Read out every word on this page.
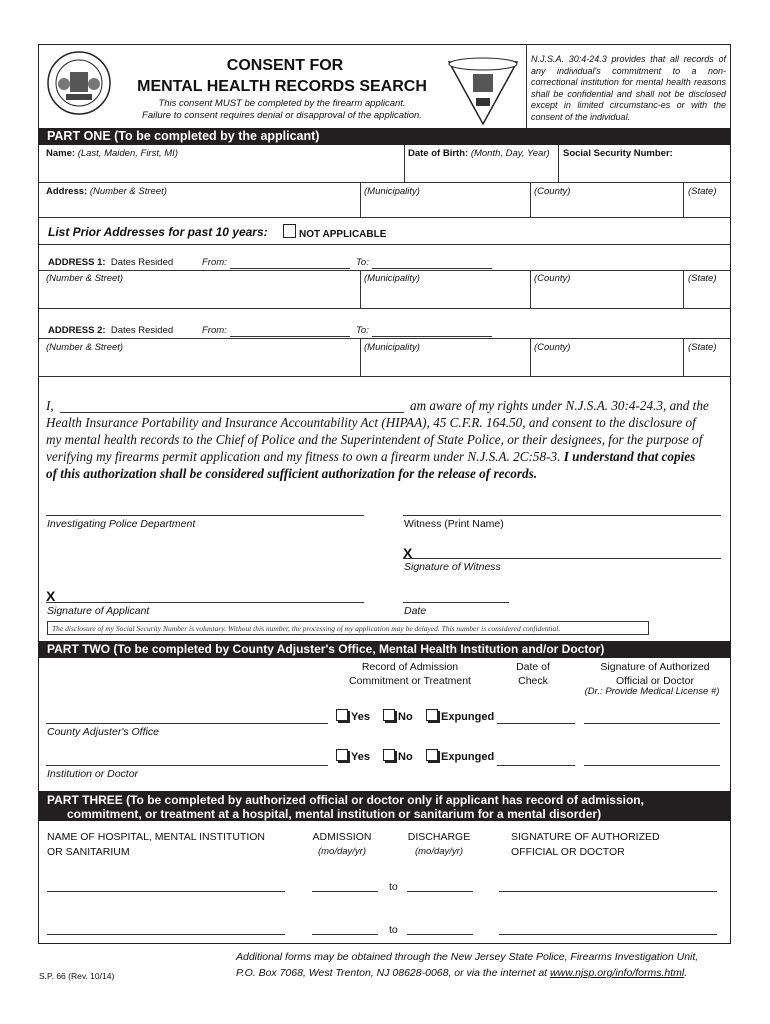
CONSENT FOR
MENTAL HEALTH RECORDS SEARCH
This consent MUST be completed by the firearm applicant.
Failure to consent requires denial or disapproval of the application.
N.J.S.A. 30:4-24.3 provides that all records of any individual's commitment to a non-correctional institution for mental health reasons shall be confidential and shall not be disclosed except in limited circumstanc-es or with the consent of the individual.
PART ONE (To be completed by the applicant)
Name: (Last, Maiden, First, MI)	Date of Birth: (Month, Day, Year) Social Security Number:
Address: (Number & Street)	(Municipality)	(County)	(State)
List Prior Addresses for past 10 years:	NOT APPLICABLE
ADDRESS 1: Dates Resided	From:	To:
(Number & Street)	(Municipality)	(County)	(State)
ADDRESS 2: Dates Resided	From:	To:
(Number & Street)	(Municipality)	(County)	(State)
I,	am aware of my rights under N.J.S.A. 30:4-24.3, and the
Health Insurance Portability and Insurance Accountability Act (HIPAA), 45 C.F.R. 164.50, and consent to the disclosure of
my mental health records to the Chief of Police and the Superintendent of State Police, or their designees, for the purpose of
verifying my firearms permit application and my fitness to own a firearm under N.J.S.A. 2C:58-3. I understand that copies
of this authorization shall be considered sufficient authorization for the release of records.
Investigating Police Department	Witness (Print Name)
X
Signature of Witness
X
Signature of Applicant	Date
The disclosure of my Social Security Number is voluntary. Without this number, the processing of my application may be delayed. This number is considered confidential.
PART TWO (To be completed by County Adjuster's Office, Mental Health Institution and/or Doctor)
Record of Admission
Commitment or Treatment
Date of
Check
Signature of Authorized
Official or Doctor
(Dr.: Provide Medical License #)
County Adjuster's Office
Yes	No	Expunged
Institution or Doctor
Yes	No	Expunged
PART THREE (To be completed by authorized official or doctor only if applicant has record of admission,
commitment, or treatment at a hospital, mental institution or sanitarium for a mental disorder)
NAME OF HOSPITAL, MENTAL INSTITUTION
OR SANITARIUM
ADMISSION
(mo/day/yr)
DISCHARGE
(mo/day/yr)
SIGNATURE OF AUTHORIZED
OFFICIAL OR DOCTOR
to
to
S.P. 66 (Rev. 10/14)
Additional forms may be obtained through the New Jersey State Police, Firearms Investigation Unit,
P.O. Box 7068, West Trenton, NJ 08628-0068, or via the internet at www.njsp.org/info/forms.html.
